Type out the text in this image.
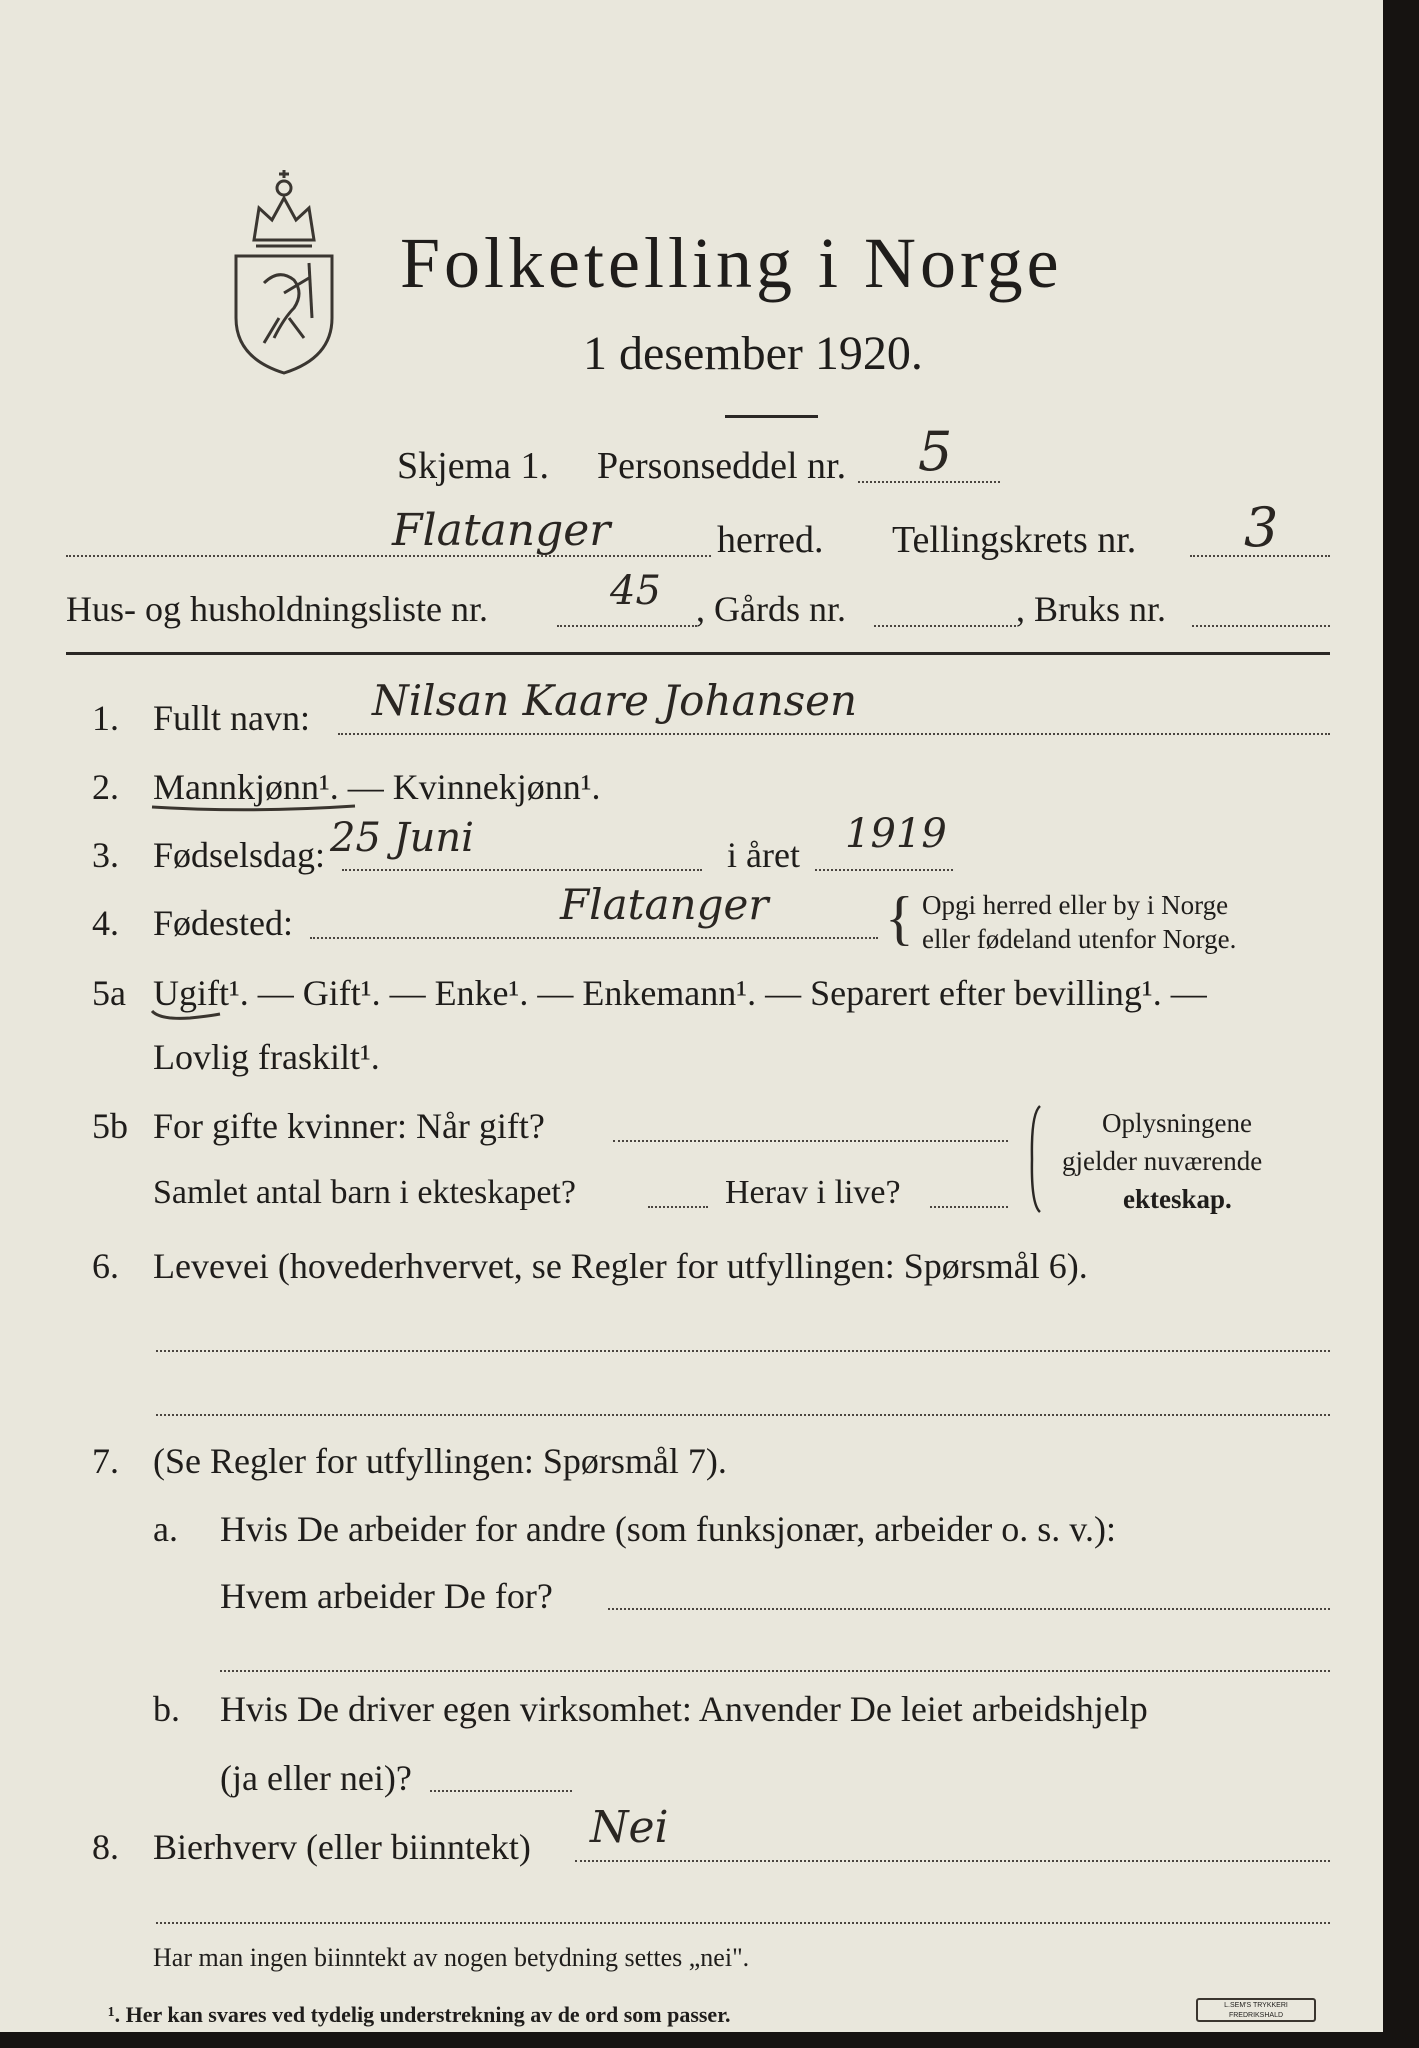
Folketelling i Norge
1 desember 1920.
Skjema 1. Personseddel nr. 5
Flatanger	herred. Tellingskrets nr. 3
Hus- og husholdningsliste nr.	45 , Gårds nr.	, Bruks nr.
1. Fullt navn: Nilsan Kaare Johansen
2. Mannkjønn¹. — Kvinnekjønn¹.
3. Fødselsdag: 25 Juni	i året 1919
4. Fødested:	Flatanger { Opgi herred eller by i Norge
eller fødeland utenfor Norge.
5a Ugift¹. — Gift¹. — Enke¹. — Enkemann¹. — Separert efter bevilling¹. —
Lovlig fraskilt¹.
5b For gifte kvinner: Når gift?
Samlet antal barn i ekteskapet?	Herav i live?
Oplysningene
gjelder nuværende
ekteskap.
6. Levevei (hovederhvervet, se Regler for utfyllingen: Spørsmål 6).
7. (Se Regler for utfyllingen: Spørsmål 7).
a. Hvis De arbeider for andre (som funksjonær, arbeider o. s. v.):
Hvem arbeider De for?
b. Hvis De driver egen virksomhet: Anvender De leiet arbeidshjelp
(ja eller nei)?
8. Bierhverv (eller biinntekt) Nei
Har man ingen biinntekt av nogen betydning settes „nei".
¹. Her kan svares ved tydelig understrekning av de ord som passer.	L.SEM'S TRYKKERI
FREDRIKSHALD
